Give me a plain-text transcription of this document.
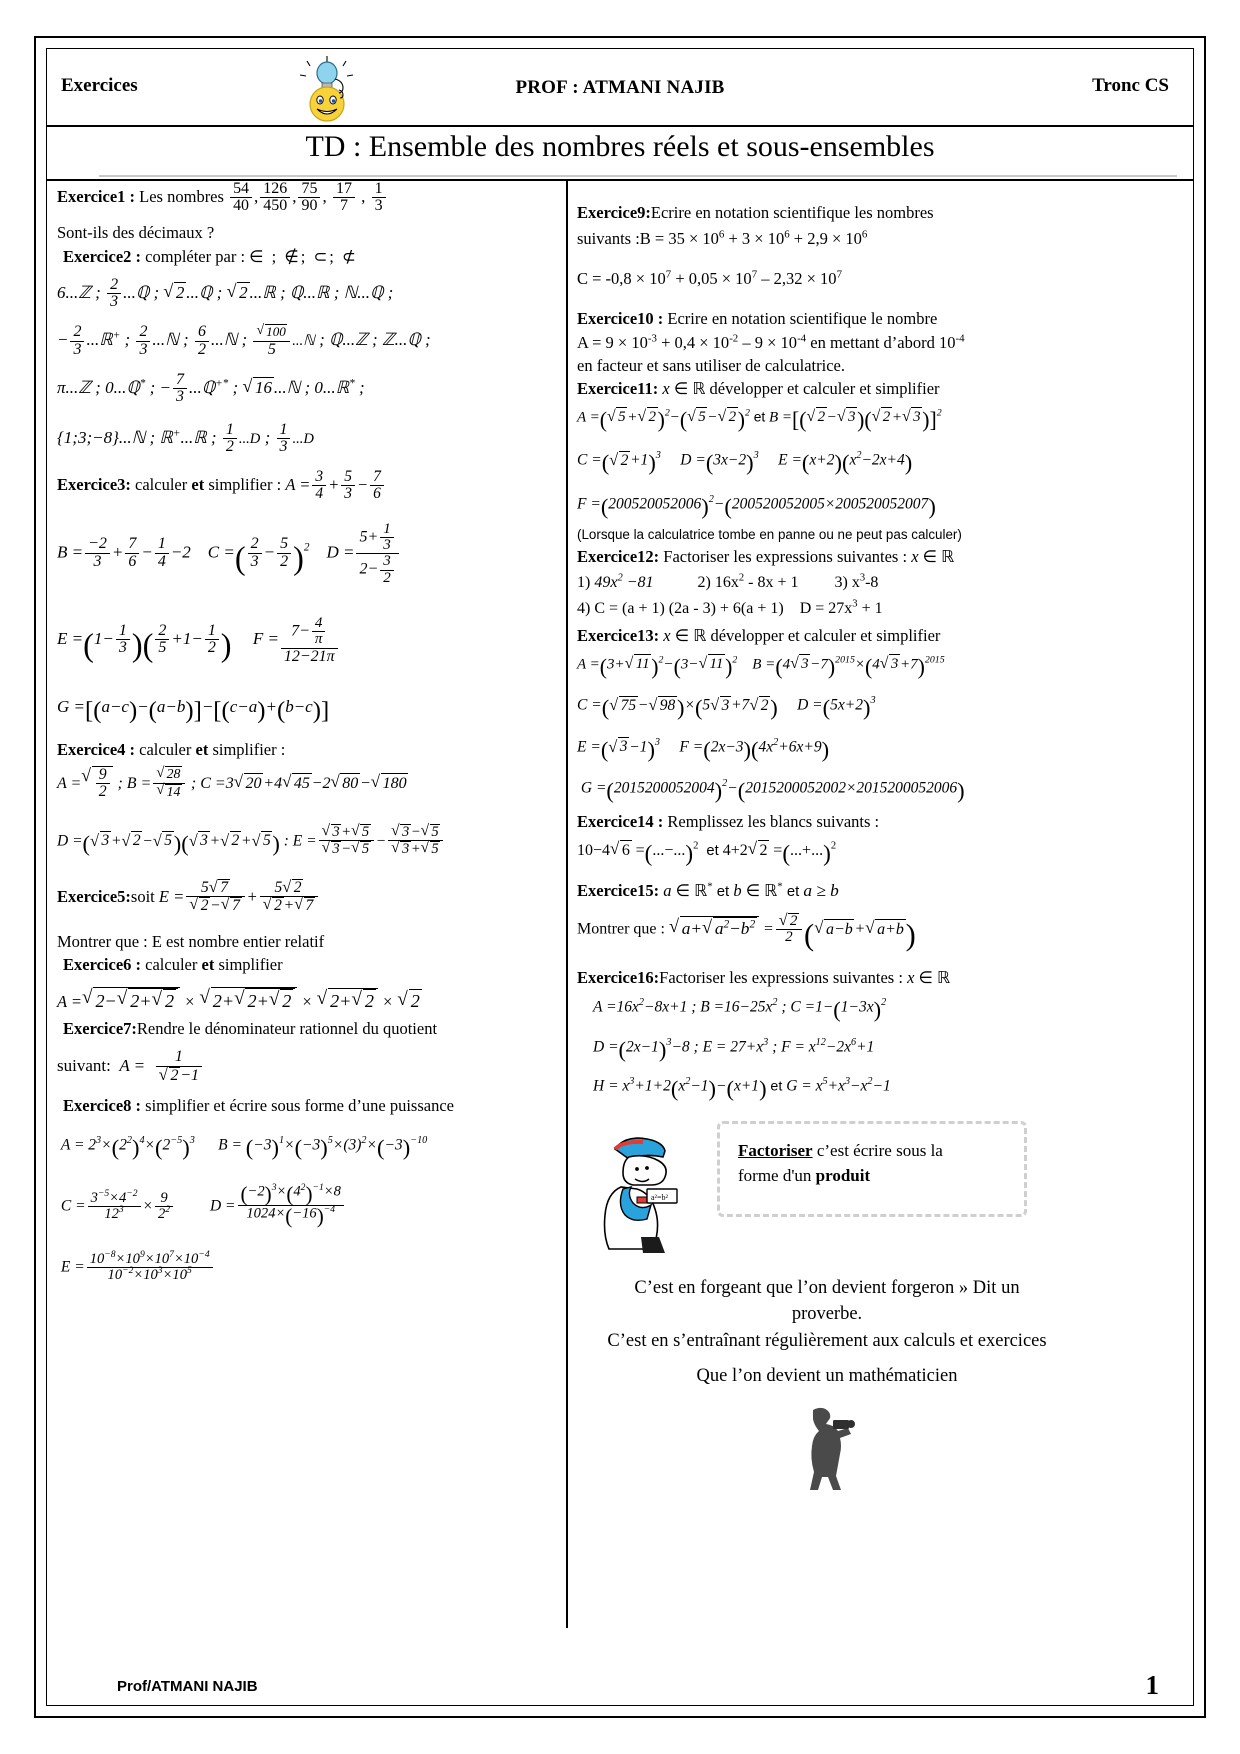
Exercices	PROF : ATMANI NAJIB	Tronc CS
TD : Ensemble des nombres réels et sous-ensembles
Exercice1 : Les nombres $\frac{54}{40}$ , $\frac{126}{450}$ , $\frac{75}{90}$ , $\frac{17}{7}$ , $\frac{1}{3}$
Sont-ils des décimaux ?
Exercice2 : compléter par : ∈ ; ∉; ⊂; ⊄
6...ℤ ; $\frac{2}{3}$ ...ℚ ; √ 2 ...ℚ ; √ 2 ...ℝ ; ℚ...ℝ ; ℕ...ℚ ;
− $\frac{2}{3}$ ...ℝ+ ; $\frac{2}{3}$ ...ℕ ; $\frac{6}{2}$ ...ℕ ; $\frac{√ 100}{5}$ ...ℕ ; ℚ...ℤ ; ℤ...ℚ ;
π...ℤ ; 0...ℚ* ; − $\frac{7}{3}$ ...ℚ+* ; √ 16 ...ℕ ; 0...ℝ* ;
{1;3;−8}...ℕ ; ℝ+...ℝ ; $\frac{1}{2} ...D$ ; $\frac{1}{3} ...D$
Exercice3: calculer et simplifier : $A = \frac{3}{4} + \frac{5}{3} - \frac{7}{6}$
$B = \frac{-2}{3} + \frac{7}{6} - \frac{1}{4} -2$    C =( $\frac{2}{3} - \frac{5}{2} )^2$    $D = \frac{5+ \frac{1}{3}}{2- \frac{3}{2}}$
$E =(1- \frac{1}{3}$ )( $\frac{2}{5} +1- \frac{1}{2}$ )     $F = \frac{7- \frac{4}{\pi}}{12-21\pi}$
G =[(a−c)−(a−b)]−[(c−a)+(b−c)]
Exercice4 : calculer et simplifier :
A = √ $\frac{9}{2}$ ; $B = \frac{√ 28}{√ 14}$ ; C =3 √ 20 +4 √ 45 −2 √ 80 − √ 180
D =( √ 3 + √ 2 − √ 5)( √ 3 + √ 2 + √ 5) : $E = \frac{√ 3 + √ 5}{√ 3 - √ 5} - \frac{√ 3 - √ 5}{√ 3 + √ 5}$
Exercice5:soit $E = \frac{5 √ 7}{√ 2 - √ 7} + \frac{5 √ 2}{√ 2 + √ 7}$
Montrer que : E est nombre entier relatif
Exercice6 : calculer et simplifier
A = √ 2− √ 2+ √ 2 × √ 2+ √ 2+ √ 2 × √ 2+ √ 2 × √ 2
Exercice7:Rendre le dénominateur rationnel du quotient
suivant:  $A = \frac{1}{√ 2 -1}$
Exercice8 : simplifier et écrire sous forme d’une puissance
$A = 2^3\times(2^2)^4\times(2^{-5})^3$      $B = (-3)^1\times(-3)^5\times(3)^2\times(-3)^{-10}$
$C = \frac{3^{-5}\times 4^{-2}}{12^3} \times \frac{9}{2^2}$ $D = \frac{(-2)^3\times(4^2)^{-1}\times 8}{1024\times(-16)^{-4}}$
$E = \frac{10^{-8}\times 10^9\times 10^7\times 10^{-4}}{10^{-2}\times 10^3\times 10^5}$
Exercice9:Ecrire en notation scientifique les nombres
suivants :B = $35 \times 10^6 + 3 \times 10^6 + 2,9 \times 10^6$
$C = -0,8 \times 10^7 + 0,05 \times 10^7 - 2,32 \times 10^7$
Exercice10 : Ecrire en notation scientifique le nombre
$A = 9 \times 10^{-3} + 0,4 \times 10^{-2} - 9 \times 10^{-4}$ en mettant d’abord $10^{-4}$
en facteur et sans utiliser de calculatrice.
Exercice11: x ∈ ℝ développer et calculer et simplifier
A =( √ 5 + √ 2)$^2$−( √ 5 − √ 2)$^2$ et B =[( √ 2 − √ 3)( √ 2 + √ 3)]$^2$
C =( √ 2 +1)$^3$     $D =(3x-2)^3$     $E =(x+2)(x^2-2x+4)$
$F =(200520052006)^2-(200520052005\times 200520052007)$
(Lorsque la calculatrice tombe en panne ou ne peut pas calculer)
Exercice12: Factoriser les expressions suivantes : x ∈ ℝ
1) $49x^2 -81$           2) $16x^2 - 8x + 1$ 3) $x^3-8$
4) C = (a + 1) (2a - 3) + 6(a + 1)    $D = 27x^3 + 1$
Exercice13: x ∈ ℝ développer et calculer et simplifier
A =(3+ √ 11)$^2$−(3− √ 11)$^2$    B =(4 √ 3 −7)$^{2015}$×(4 √ 3 +7)$^{2015}$
C =( √ 75 − √ 98)×(5 √ 3 +7 √ 2)     $D =(5x+2)^3$
E =( √ 3 −1)$^3$     $F =(2x-3)(4x^2+6x+9)$
$G =(2015200052004)^2-(2015200052002\times 2015200052006)$
Exercice14 : Remplissez les blancs suivants :
10−4 √ 6 =(...−...)$^2$ et 4+2 √ 2 =(...+...)$^2$
Exercice15: a ∈ ℝ* et b ∈ ℝ* et a ≥ b
Montrer que : √ a+ √ $a^2-b^2 = \frac{√ 2}{2}$ ( √ a−b + √ a+b)
Exercice16:Factoriser les expressions suivantes : x ∈ ℝ
$A =16x^2-8x+1$ ; $B =16-25x^2$ ; $C =1-(1-3x)^2$
$D =(2x-1)^3-8$ ; $E = 27+x^3$ ; $F = x^{12}-2x^6+1$
$H = x^3+1+2(x^2-1)-(x+1)$ et $G = x^5+x^3-x^2-1$
a²=b²
Factoriser c’est écrire sous la
forme d'un produit
C’est en forgeant que l’on devient forgeron » Dit un
proverbe.
C’est en s’entraînant régulièrement aux calculs et exercices
Que l’on devient un mathématicien
Prof/ATMANI NAJIB	1
